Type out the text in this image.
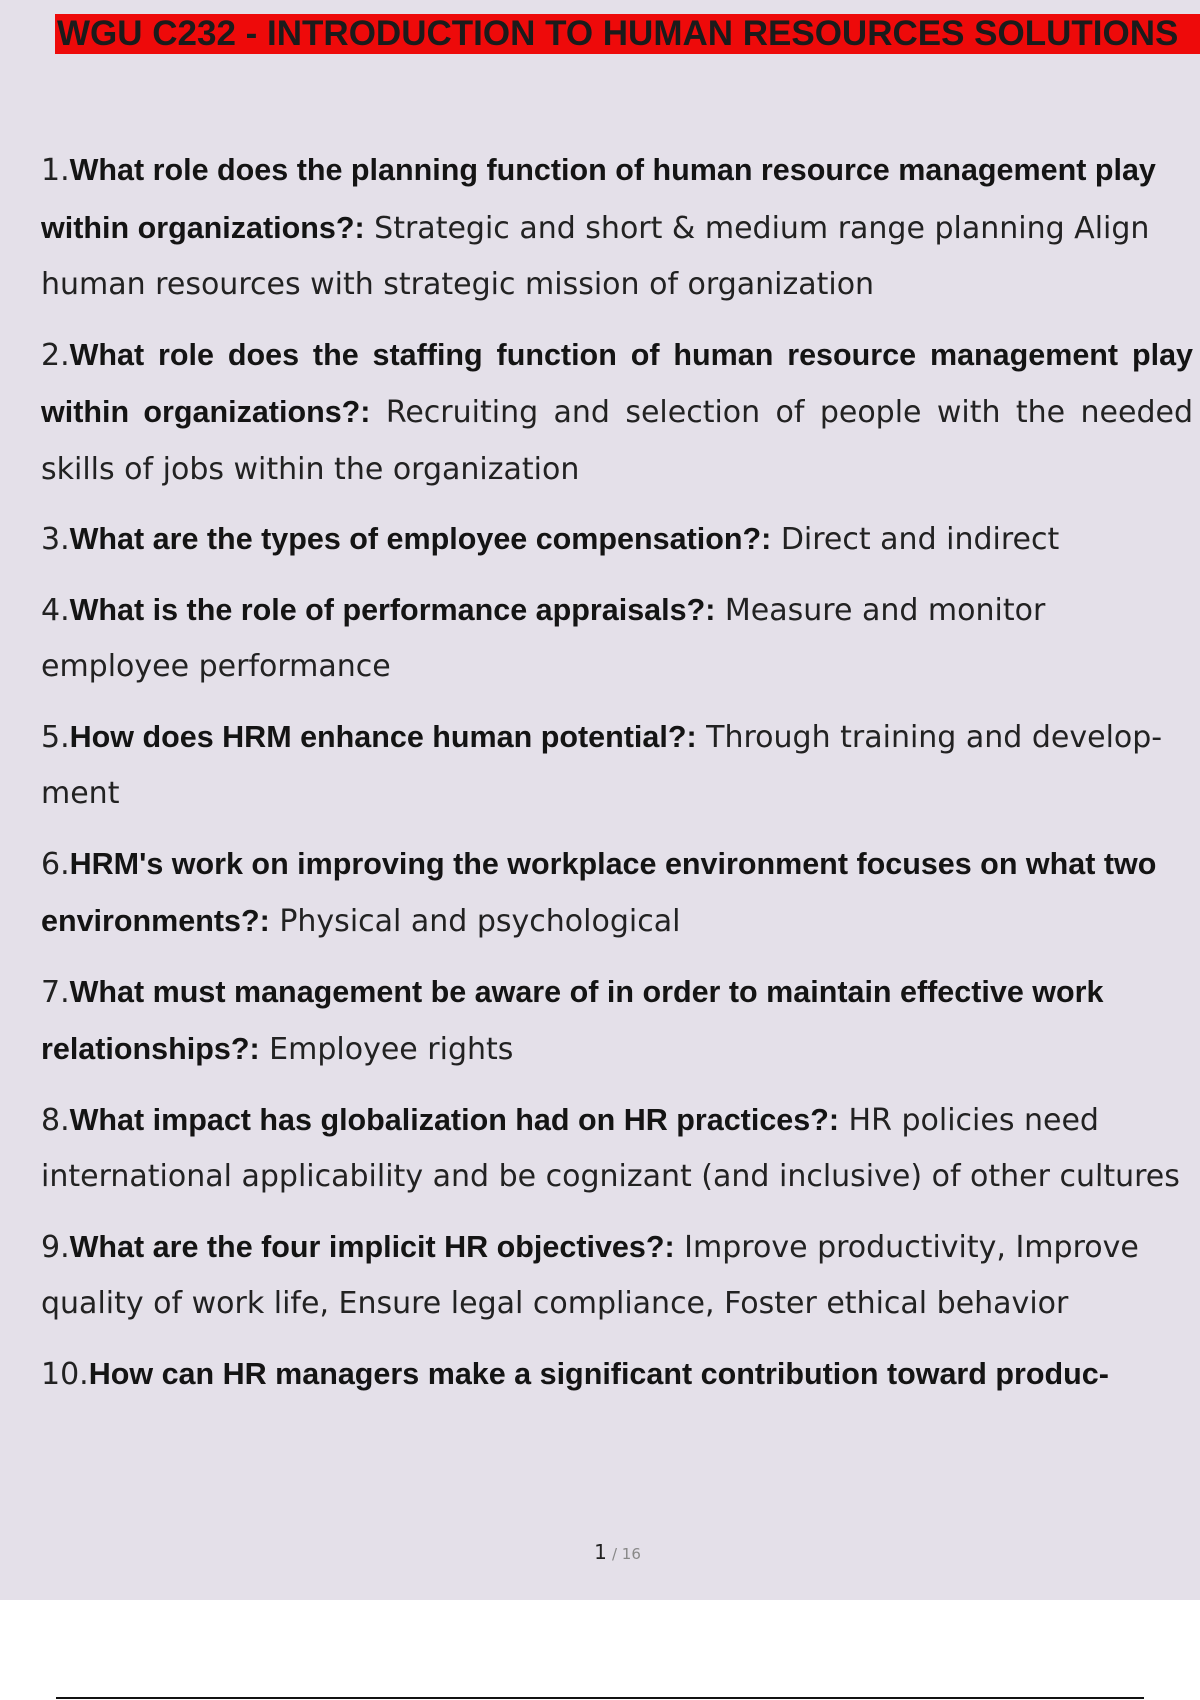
WGU C232 - INTRODUCTION TO HUMAN RESOURCES SOLUTIONS
1.What role does the planning function of human resource management play within organizations?: Strategic and short & medium range planning Align human resources with strategic mission of organization
2.What role does the staffing function of human resource management play within organizations?: Recruiting and selection of people with the needed skills of jobs within the organization
3.What are the types of employee compensation?: Direct and indirect
4.What is the role of performance appraisals?: Measure and monitor employee performance
5.How does HRM enhance human potential?: Through training and develop- ment
6.HRM's work on improving the workplace environment focuses on what two environments?: Physical and psychological
7.What must management be aware of in order to maintain effective work relationships?: Employee rights
8.What impact has globalization had on HR practices?: HR policies need international applicability and be cognizant (and inclusive) of other cultures
9.What are the four implicit HR objectives?: Improve productivity, Improve quality of work life, Ensure legal compliance, Foster ethical behavior
10.How can HR managers make a significant contribution toward produc-
1 / 16
